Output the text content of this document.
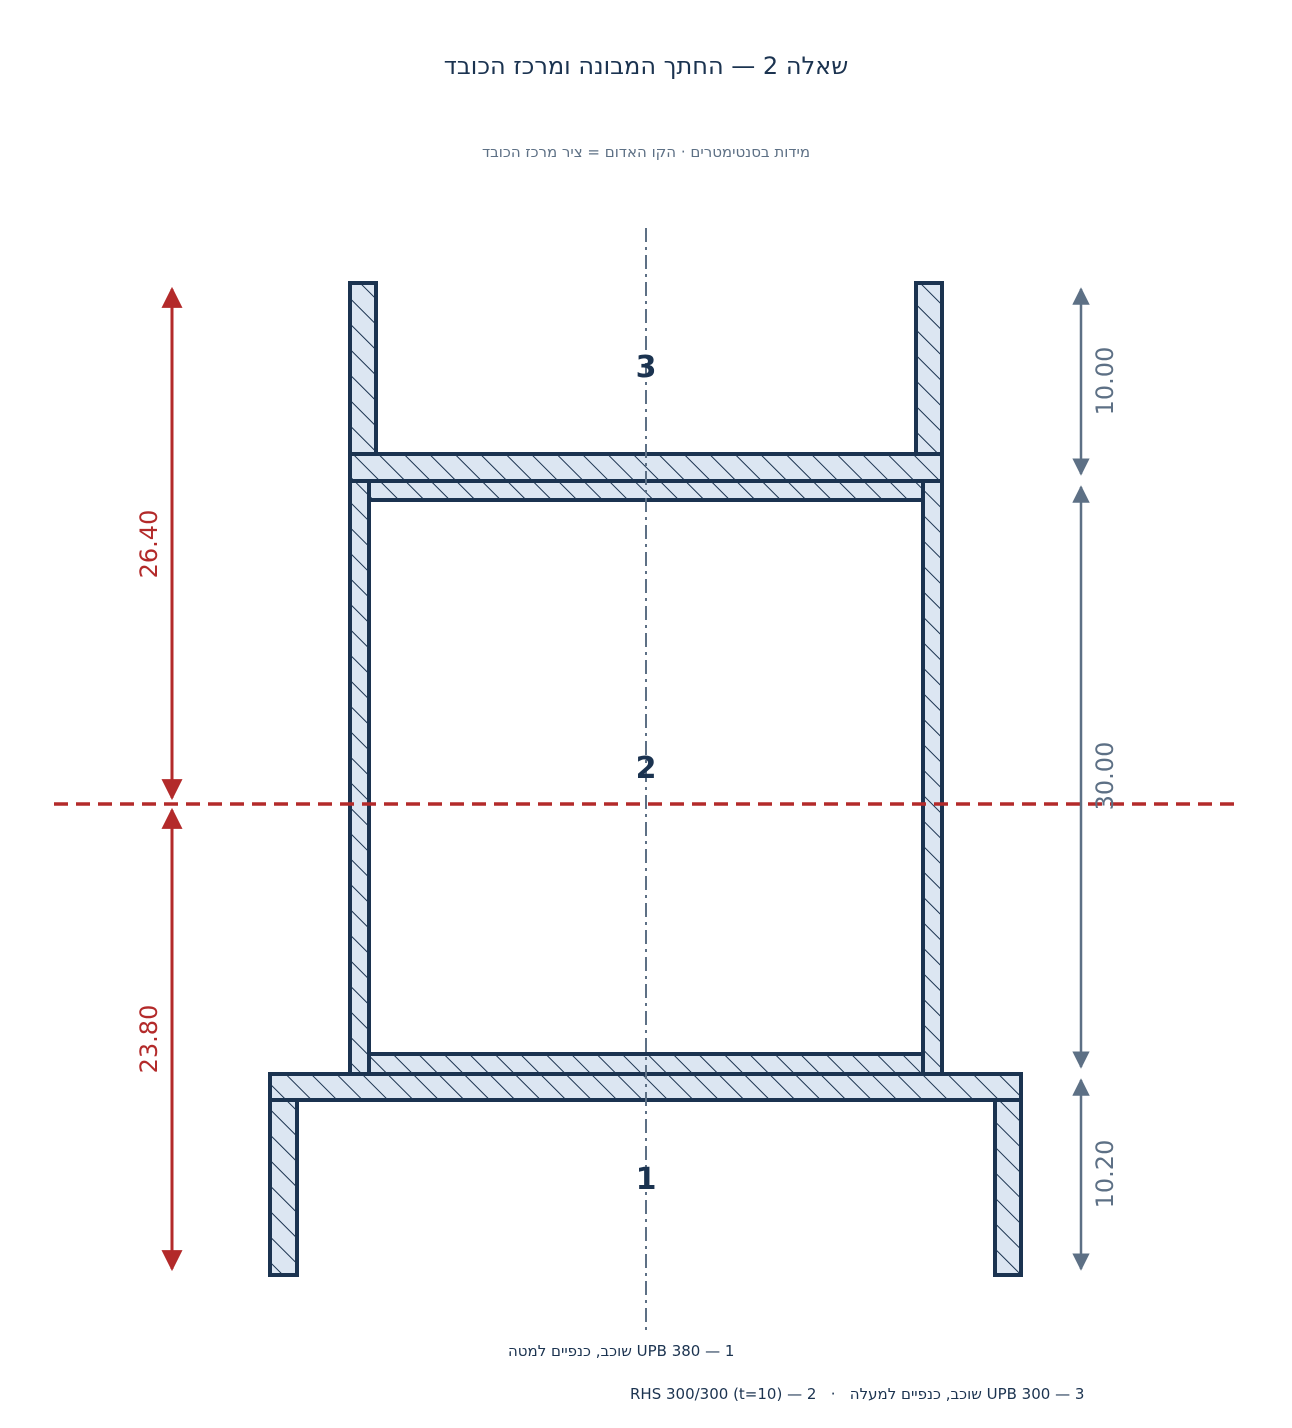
שאלה 2 — החתך המבונה ומרכז הכובד
מידות בסנטימטרים · הקו האדום = ציר מרכז הכובד
3
2
1
26.40
23.80
10.00
30.00
10.20
1 — UPB 380 שוכב, כנפיים למטה
3 — UPB 300 שוכב, כנפיים למעלה   ·   2 — RHS 300/300 (t=10)
